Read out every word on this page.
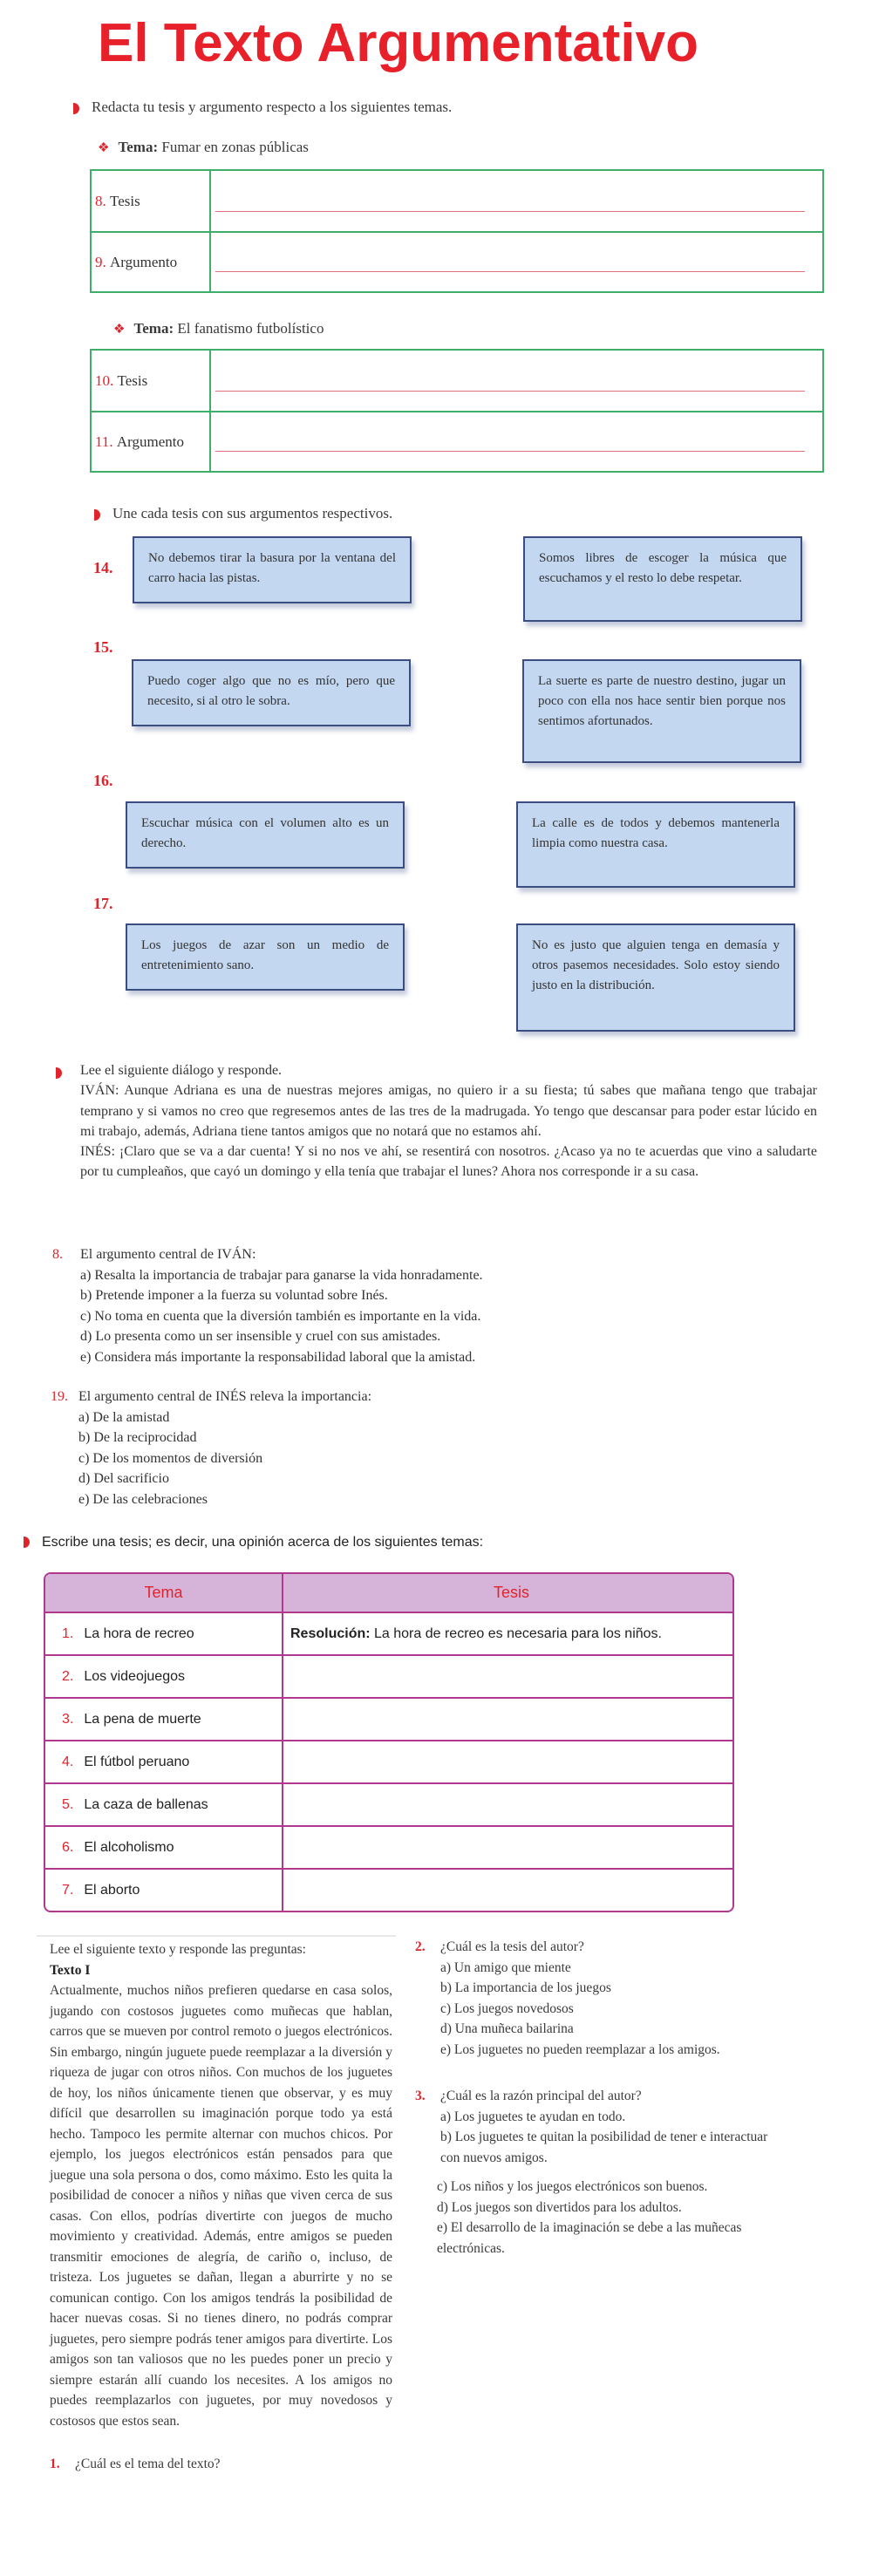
El Texto Argumentativo
Redacta tu tesis y argumento respecto a los siguientes temas.
❖ Tema: Fumar en zonas públicas
8.
Tesis
9.
Argumento
❖ Tema: El fanatismo futbolístico
10.
Tesis
11.
Argumento
Une cada tesis con sus argumentos respectivos.
14.
No debemos tirar la basura por la ventana del carro hacia las pistas.
Somos libres de escoger la música que escuchamos y el resto lo debe respetar.
15.
Puedo coger algo que no es mío, pero que necesito, si al otro le sobra.
La suerte es parte de nuestro destino, jugar un poco con ella nos hace sentir bien porque nos sentimos afortunados.
16.
Escuchar música con el volumen alto es un derecho.
La calle es de todos y debemos mantenerla limpia como nuestra casa.
17.
Los juegos de azar son un medio de entretenimiento sano.
No es justo que alguien tenga en demasía y otros pasemos necesidades. Solo estoy siendo justo en la distribución.
Lee el siguiente diálogo y responde.
IVÁN: Aunque Adriana es una de nuestras mejores amigas, no quiero ir a su fiesta; tú sabes que mañana tengo que trabajar temprano y si vamos no creo que regresemos antes de las tres de la madrugada. Yo tengo que descansar para poder estar lúcido en mi trabajo, además, Adriana tiene tantos amigos que no notará que no estamos ahí.
INÉS: ¡Claro que se va a dar cuenta! Y si no nos ve ahí, se resentirá con nosotros. ¿Acaso ya no te acuerdas que vino a saludarte por tu cumpleaños, que cayó un domingo y ella tenía que trabajar el lunes? Ahora nos corresponde ir a su casa.
8. El argumento central de IVÁN:
a) Resalta la importancia de trabajar para ganarse la vida honradamente.
b) Pretende imponer a la fuerza su voluntad sobre Inés.
c) No toma en cuenta que la diversión también es importante en la vida.
d) Lo presenta como un ser insensible y cruel con sus amistades.
e) Considera más importante la responsabilidad laboral que la amistad.
19. El argumento central de INÉS releva la importancia:
a) De la amistad
b) De la reciprocidad
c) De los momentos de diversión
d) Del sacrificio
e) De las celebraciones
Escribe una tesis; es decir, una opinión acerca de los siguientes temas:
Tema	Tesis
1. La hora de recreo	Resolución: La hora de recreo es necesaria para los niños.
2. Los videojuegos
3. La pena de muerte
4. El fútbol peruano
5. La caza de ballenas
6. El alcoholismo
7. El aborto
Lee el siguiente texto y responde las preguntas:
Texto I
Actualmente, muchos niños prefieren quedarse en casa solos, jugando con costosos juguetes como muñecas que hablan, carros que se mueven por control remoto o juegos electrónicos. Sin embargo, ningún juguete puede reemplazar a la diversión y riqueza de jugar con otros niños. Con muchos de los juguetes de hoy, los niños únicamente tienen que observar, y es muy difícil que desarrollen su imaginación porque todo ya está hecho. Tampoco les permite alternar con muchos chicos. Por ejemplo, los juegos electrónicos están pensados para que juegue una sola persona o dos, como máximo. Esto les quita la posibilidad de conocer a niños y niñas que viven cerca de sus casas. Con ellos, podrías divertirte con juegos de mucho movimiento y creatividad. Además, entre amigos se pueden transmitir emociones de alegría, de cariño o, incluso, de tristeza. Los juguetes se dañan, llegan a aburrirte y no se comunican contigo. Con los amigos tendrás la posibilidad de hacer nuevas cosas. Si no tienes dinero, no podrás comprar juguetes, pero siempre podrás tener amigos para divertirte. Los amigos son tan valiosos que no les puedes poner un precio y siempre estarán allí cuando los necesites. A los amigos no puedes reemplazarlos con juguetes, por muy novedosos y costosos que estos sean.
1. ¿Cuál es el tema del texto?
2. ¿Cuál es la tesis del autor?
a) Un amigo que miente
b) La importancia de los juegos
c) Los juegos novedosos
d) Una muñeca bailarina
e) Los juguetes no pueden reemplazar a los amigos.
3. ¿Cuál es la razón principal del autor?
a) Los juguetes te ayudan en todo.
b) Los juguetes te quitan la posibilidad de tener e interactuar con nuevos amigos.
c) Los niños y los juegos electrónicos son buenos.
d) Los juegos son divertidos para los adultos.
e) El desarrollo de la imaginación se debe a las muñecas electrónicas.
